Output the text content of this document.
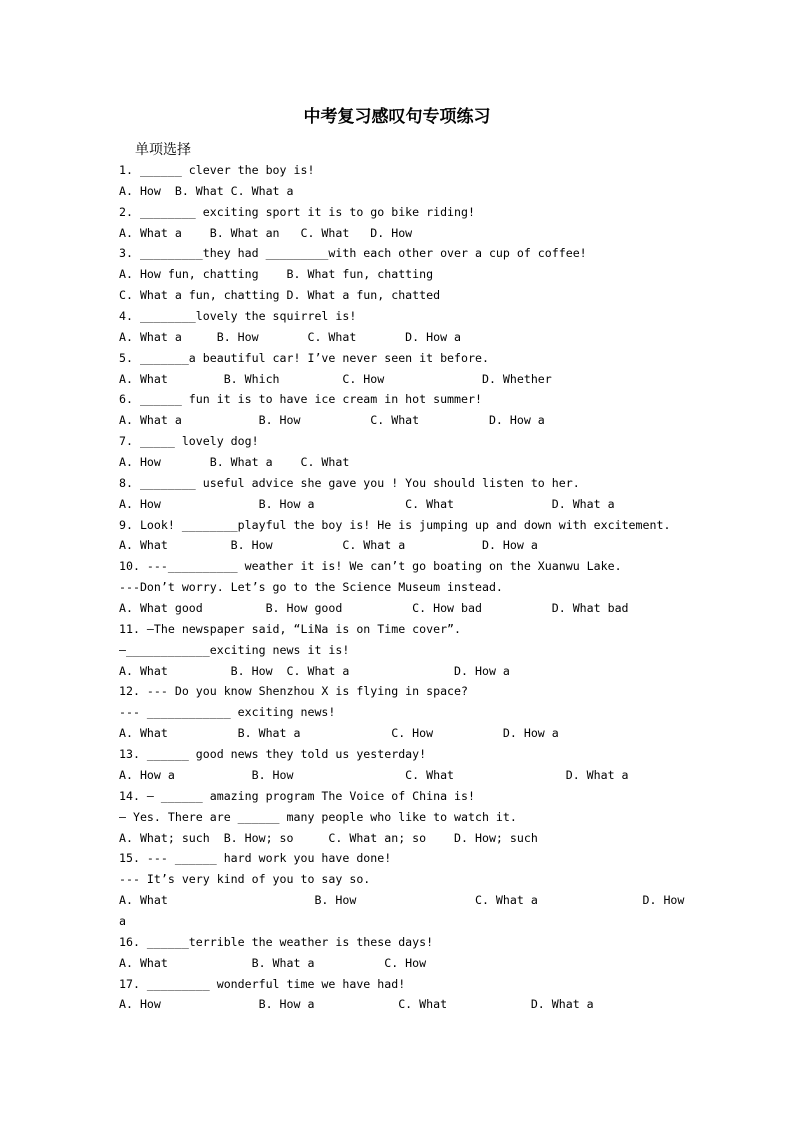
中考复习感叹句专项练习
单项选择
1. ______ clever the boy is!
A. How  B. What C. What a
2. ________ exciting sport it is to go bike riding!
A. What a    B. What an   C. What   D. How
3. _________they had _________with each other over a cup of coffee!
A. How fun, chatting    B. What fun, chatting
C. What a fun, chatting D. What a fun, chatted
4. ________lovely the squirrel is!
A. What a     B. How       C. What       D. How a
5. _______a beautiful car! I’ve never seen it before.
A. What        B. Which         C. How              D. Whether
6. ______ fun it is to have ice cream in hot summer!
A. What a           B. How          C. What          D. How a
7. _____ lovely dog!
A. How       B. What a    C. What
8. ________ useful advice she gave you ! You should listen to her.
A. How              B. How a             C. What              D. What a
9. Look! ________playful the boy is! He is jumping up and down with excitement.
A. What         B. How          C. What a           D. How a
10. ---__________ weather it is! We can’t go boating on the Xuanwu Lake.
---Don’t worry. Let’s go to the Science Museum instead.
A. What good         B. How good          C. How bad          D. What bad
11. —The newspaper said, “LiNa is on Time cover”.
—____________exciting news it is!
A. What         B. How  C. What a               D. How a
12. --- Do you know Shenzhou X is flying in space?
--- ____________ exciting news!
A. What          B. What a             C. How          D. How a
13. ______ good news they told us yesterday!
A. How a           B. How                C. What                D. What a
14. – ______ amazing program The Voice of China is!
– Yes. There are ______ many people who like to watch it.
A. What; such  B. How; so     C. What an; so    D. How; such
15. --- ______ hard work you have done!
--- It’s very kind of you to say so.
A. What                     B. How                 C. What a               D. How
a
16. ______terrible the weather is these days!
A. What            B. What a          C. How
17. _________ wonderful time we have had!
A. How              B. How a            C. What            D. What a
